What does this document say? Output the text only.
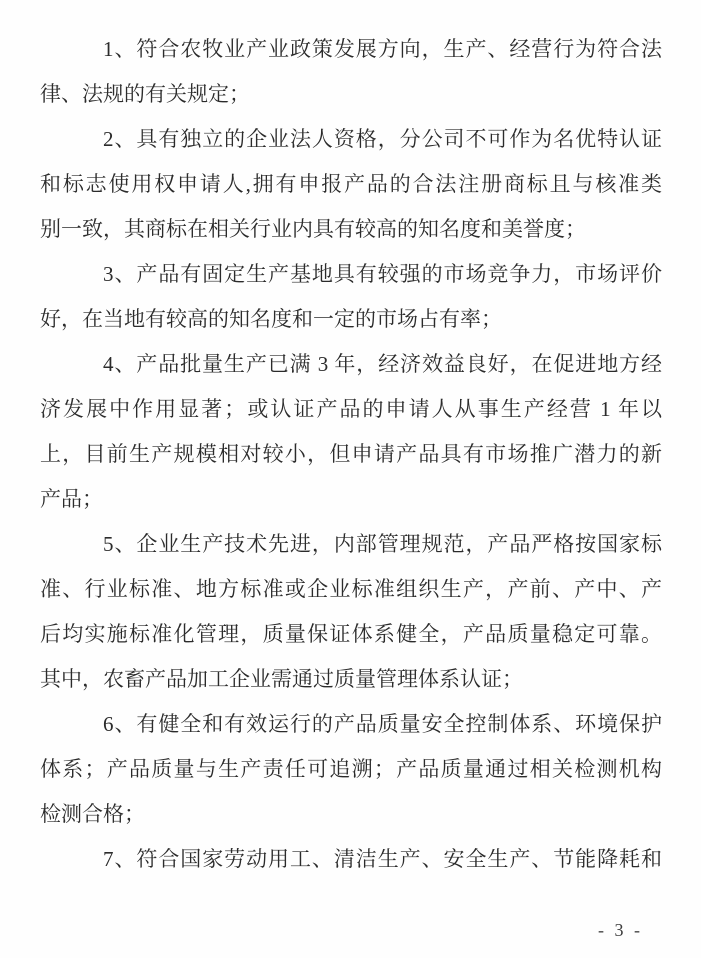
1、符合农牧业产业政策发展方向，生产、经营行为符合法
律、法规的有关规定；
2、具有独立的企业法人资格，分公司不可作为名优特认证
和标志使用权申请人,拥有申报产品的合法注册商标且与核准类
别一致，其商标在相关行业内具有较高的知名度和美誉度；
3、产品有固定生产基地具有较强的市场竞争力，市场评价
好，在当地有较高的知名度和一定的市场占有率；
4、产品批量生产已满 3 年，经济效益良好，在促进地方经
济发展中作用显著；或认证产品的申请人从事生产经营 1 年以
上，目前生产规模相对较小，但申请产品具有市场推广潜力的新
产品；
5、企业生产技术先进，内部管理规范，产品严格按国家标
准、行业标准、地方标准或企业标准组织生产，产前、产中、产
后均实施标准化管理，质量保证体系健全，产品质量稳定可靠。
其中，农畜产品加工企业需通过质量管理体系认证；
6、有健全和有效运行的产品质量安全控制体系、环境保护
体系；产品质量与生产责任可追溯；产品质量通过相关检测机构
检测合格；
7、符合国家劳动用工、清洁生产、安全生产、节能降耗和
- 3 -
